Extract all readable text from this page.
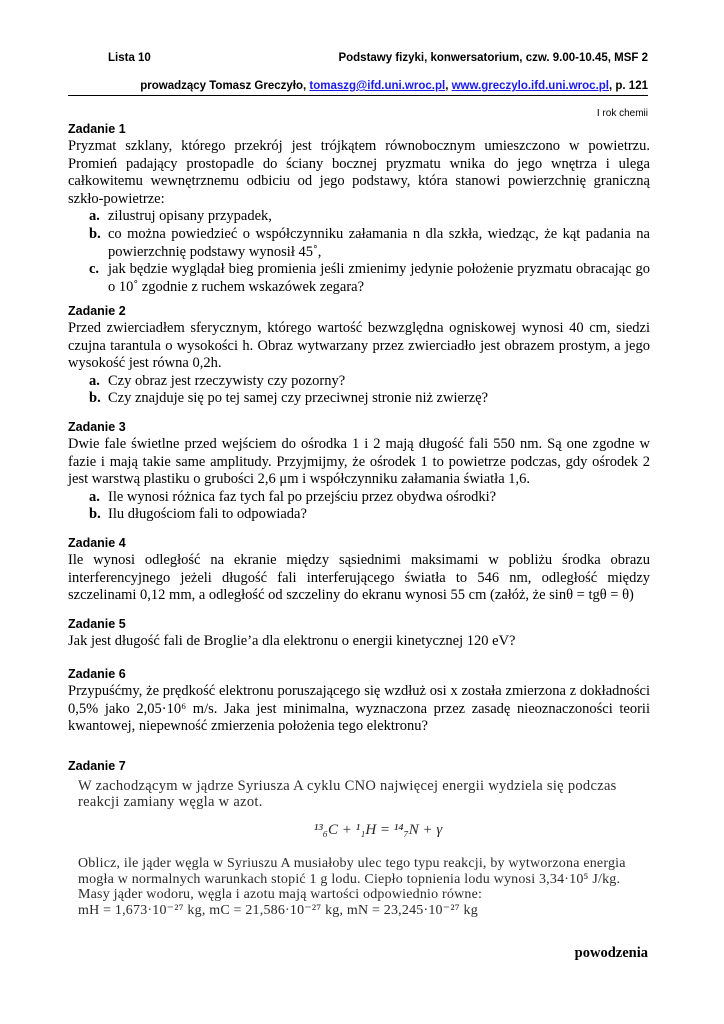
Lista 10	Podstawy fizyki, konwersatorium, czw. 9.00-10.45, MSF 2
prowadzący Tomasz Greczyło, tomaszg@ifd.uni.wroc.pl, www.greczylo.ifd.uni.wroc.pl, p. 121
I rok chemii
Zadanie 1
Pryzmat szklany, którego przekrój jest trójkątem równobocznym umieszczono w powietrzu. Promień padający prostopadle do ściany bocznej pryzmatu wnika do jego wnętrza i ulega całkowitemu wewnętrznemu odbiciu od jego podstawy, która stanowi powierzchnię graniczną szkło-powietrze:
a. zilustruj opisany przypadek,
b. co można powiedzieć o współczynniku załamania n dla szkła, wiedząc, że kąt padania na powierzchnię podstawy wynosił 45˚,
c. jak będzie wyglądał bieg promienia jeśli zmienimy jedynie położenie pryzmatu obracając go o 10˚ zgodnie z ruchem wskazówek zegara?
Zadanie 2
Przed zwierciadłem sferycznym, którego wartość bezwzględna ogniskowej wynosi 40 cm, siedzi czujna tarantula o wysokości h. Obraz wytwarzany przez zwierciadło jest obrazem prostym, a jego wysokość jest równa 0,2h.
a. Czy obraz jest rzeczywisty czy pozorny?
b. Czy znajduje się po tej samej czy przeciwnej stronie niż zwierzę?
Zadanie 3
Dwie fale świetlne przed wejściem do ośrodka 1 i 2 mają długość fali 550 nm. Są one zgodne w fazie i mają takie same amplitudy. Przyjmijmy, że ośrodek 1 to powietrze podczas, gdy ośrodek 2 jest warstwą plastiku o grubości 2,6 μm i współczynniku załamania światła 1,6.
a. Ile wynosi różnica faz tych fal po przejściu przez obydwa ośrodki?
b. Ilu długościom fali to odpowiada?
Zadanie 4
Ile wynosi odległość na ekranie między sąsiednimi maksimami w pobliżu środka obrazu interferencyjnego jeżeli długość fali interferującego światła to 546 nm, odległość między szczelinami 0,12 mm, a odległość od szczeliny do ekranu wynosi 55 cm (załóż, że sinθ = tgθ = θ)
Zadanie 5
Jak jest długość fali de Broglie’a dla elektronu o energii kinetycznej 120 eV?
Zadanie 6
Przypuśćmy, że prędkość elektronu poruszającego się wzdłuż osi x została zmierzona z dokładności 0,5% jako 2,05·10⁶ m/s. Jaka jest minimalna, wyznaczona przez zasadę nieoznaczoności teorii kwantowej, niepewność zmierzenia położenia tego elektronu?
Zadanie 7
W zachodzącym w jądrze Syriusza A cyklu CNO najwięcej energii wydziela się podczas reakcji zamiany węgla w azot.
¹³₆C + ¹₁H = ¹⁴₇N + γ
Oblicz, ile jąder węgla w Syriuszu A musiałoby ulec tego typu reakcji, by wytworzona energia mogła w normalnych warunkach stopić 1 g lodu. Ciepło topnienia lodu wynosi 3,34·10⁵ J/kg. Masy jąder wodoru, węgla i azotu mają wartości odpowiednio równe:
mH = 1,673·10⁻²⁷ kg, mC = 21,586·10⁻²⁷ kg, mN = 23,245·10⁻²⁷ kg
powodzenia
